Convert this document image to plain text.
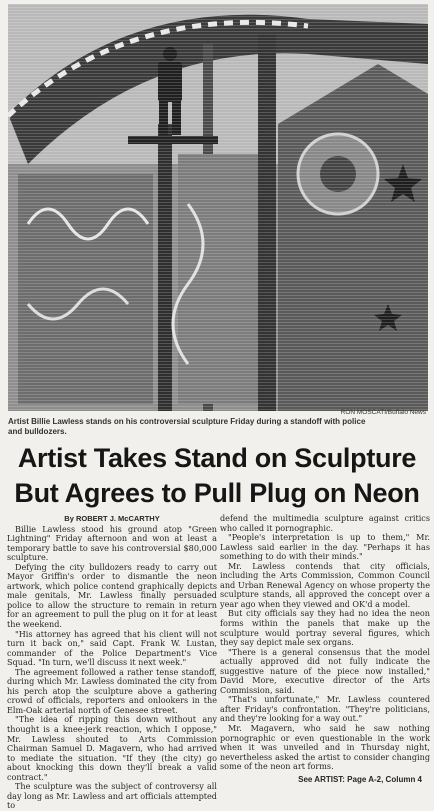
RON MOSCATI/Buffalo News
Artist Billie Lawless stands on his controversial sculpture Friday during a standoff with police and bulldozers.
Artist Takes Stand on Sculpture
But Agrees to Pull Plug on Neon

By ROBERT J. McCARTHY

Billie Lawless stood his ground atop "Green Lightning" Friday afternoon and won at least a temporary battle to save his controversial $80,000 sculpture.

Defying the city bulldozers ready to carry out Mayor Griffin's order to dismantle the neon artwork, which police contend graphically depicts male genitals, Mr. Lawless finally persuaded police to allow the structure to remain in return for an agreement to pull the plug on it for at least the weekend.

"His attorney has agreed that his client will not turn it back on," said Capt. Frank W. Lustan, commander of the Police Department's Vice Squad. "In turn, we'll discuss it next week."

The agreement followed a rather tense standoff, during which Mr. Lawless dominated the city from his perch atop the sculpture above a gathering crowd of officials, reporters and onlookers in the Elm-Oak arterial north of Genesee street.

"The idea of ripping this down without any thought is a knee-jerk reaction, which I oppose," Mr. Lawless shouted to Arts Commission Chairman Samuel D. Magavern, who had arrived to mediate the situation. "If they (the city) go about knocking this down they'll break a valid contract."

The sculpture was the subject of controversy all day long as Mr. Lawless and art officials attempted to

defend the multimedia sculpture against critics who called it pornographic.

"People's interpretation is up to them," Mr. Lawless said earlier in the day. "Perhaps it has something to do with their minds."

Mr. Lawless contends that city officials, including the Arts Commission, Common Council and Urban Renewal Agency on whose property the sculpture stands, all approved the concept over a year ago when they viewed and OK'd a model.

But city officials say they had no idea the neon forms within the panels that make up the sculpture would portray several figures, which they say depict male sex organs.

"There is a general consensus that the model actually approved did not fully indicate the suggestive nature of the piece now installed," David More, executive director of the Arts Commission, said.

"That's unfortunate," Mr. Lawless countered after Friday's confrontation. "They're politicians, and they're looking for a way out."

Mr. Magavern, who said he saw nothing pornographic or even questionable in the work when it was unveiled and in Thursday night, nevertheless asked the artist to consider changing some of the neon art forms.

See ARTIST: Page A-2, Column 4
